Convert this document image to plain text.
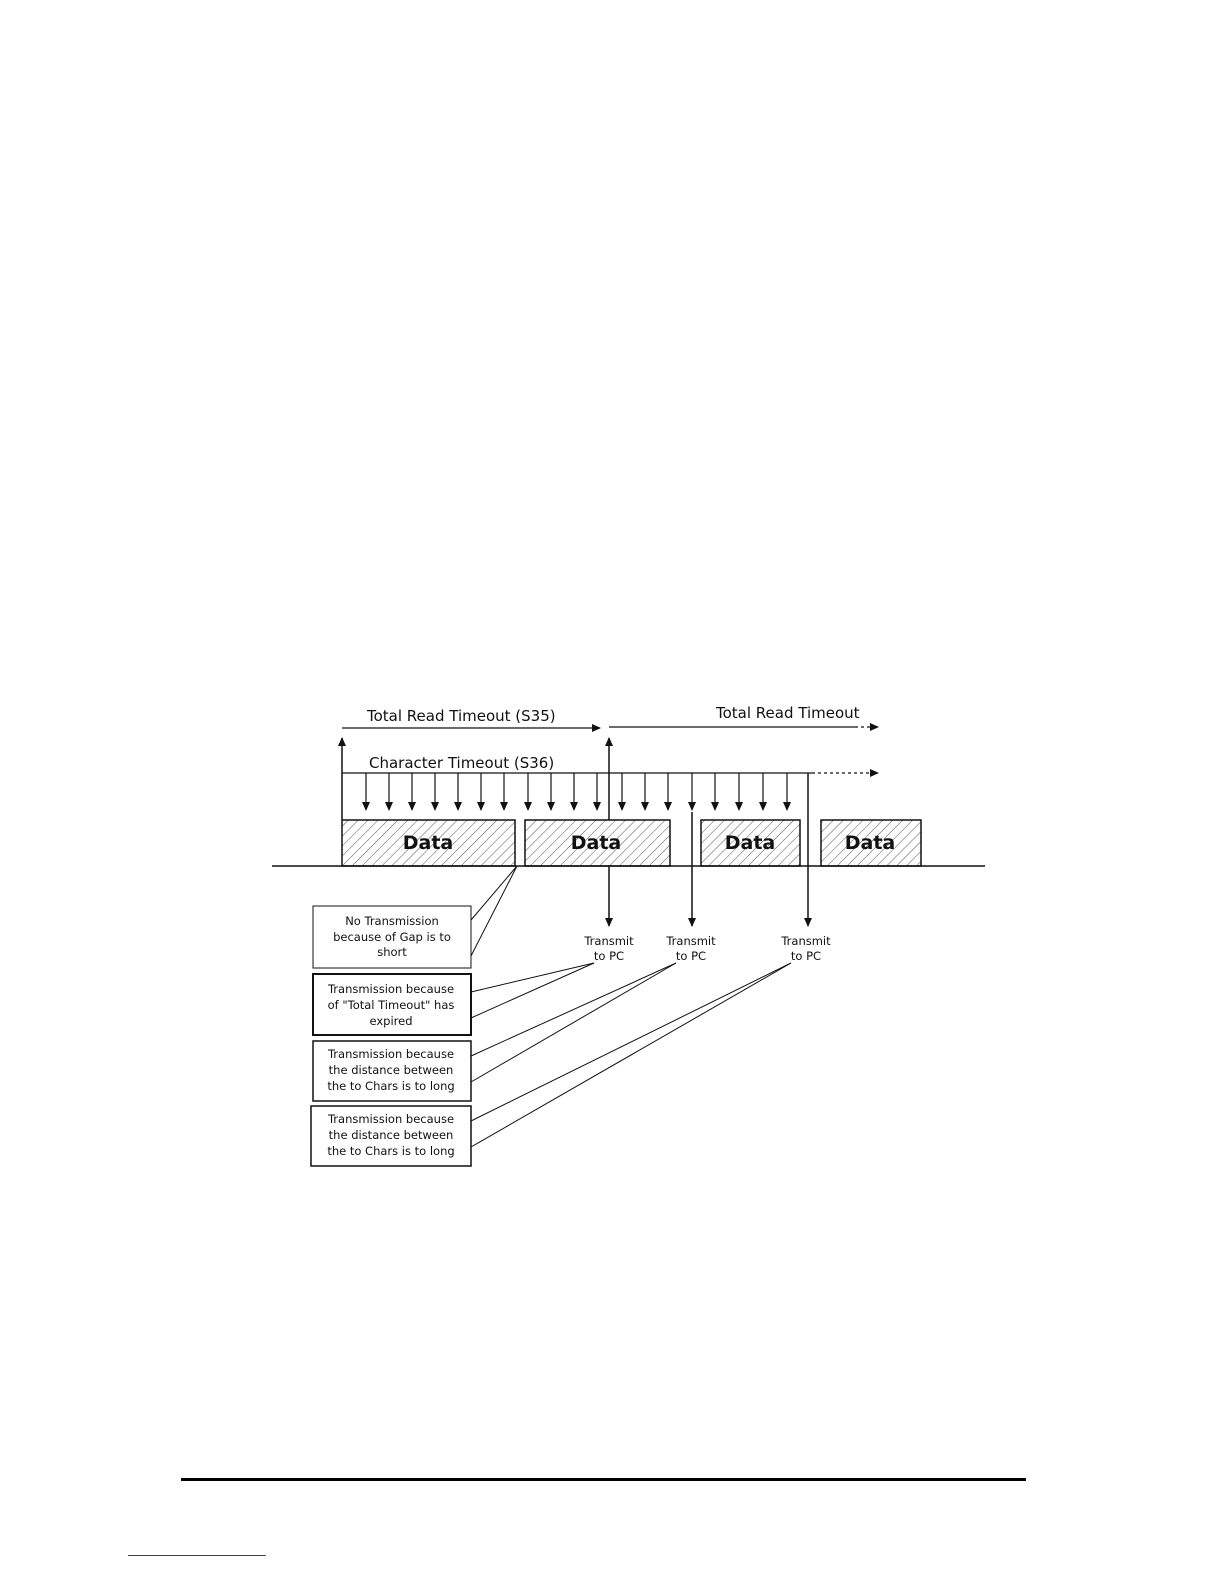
Data	Data	Data	Data
Total Read Timeout (S35)	Total Read Timeout
Character Timeout (S36)
Transmit
to PC
Transmit
to PC
Transmit
to PC
No Transmission
because of Gap is to
short
Transmission because
of "Total Timeout" has
expired
Transmission because
the distance between
the to Chars is to long
Transmission because
the distance between
the to Chars is to long
